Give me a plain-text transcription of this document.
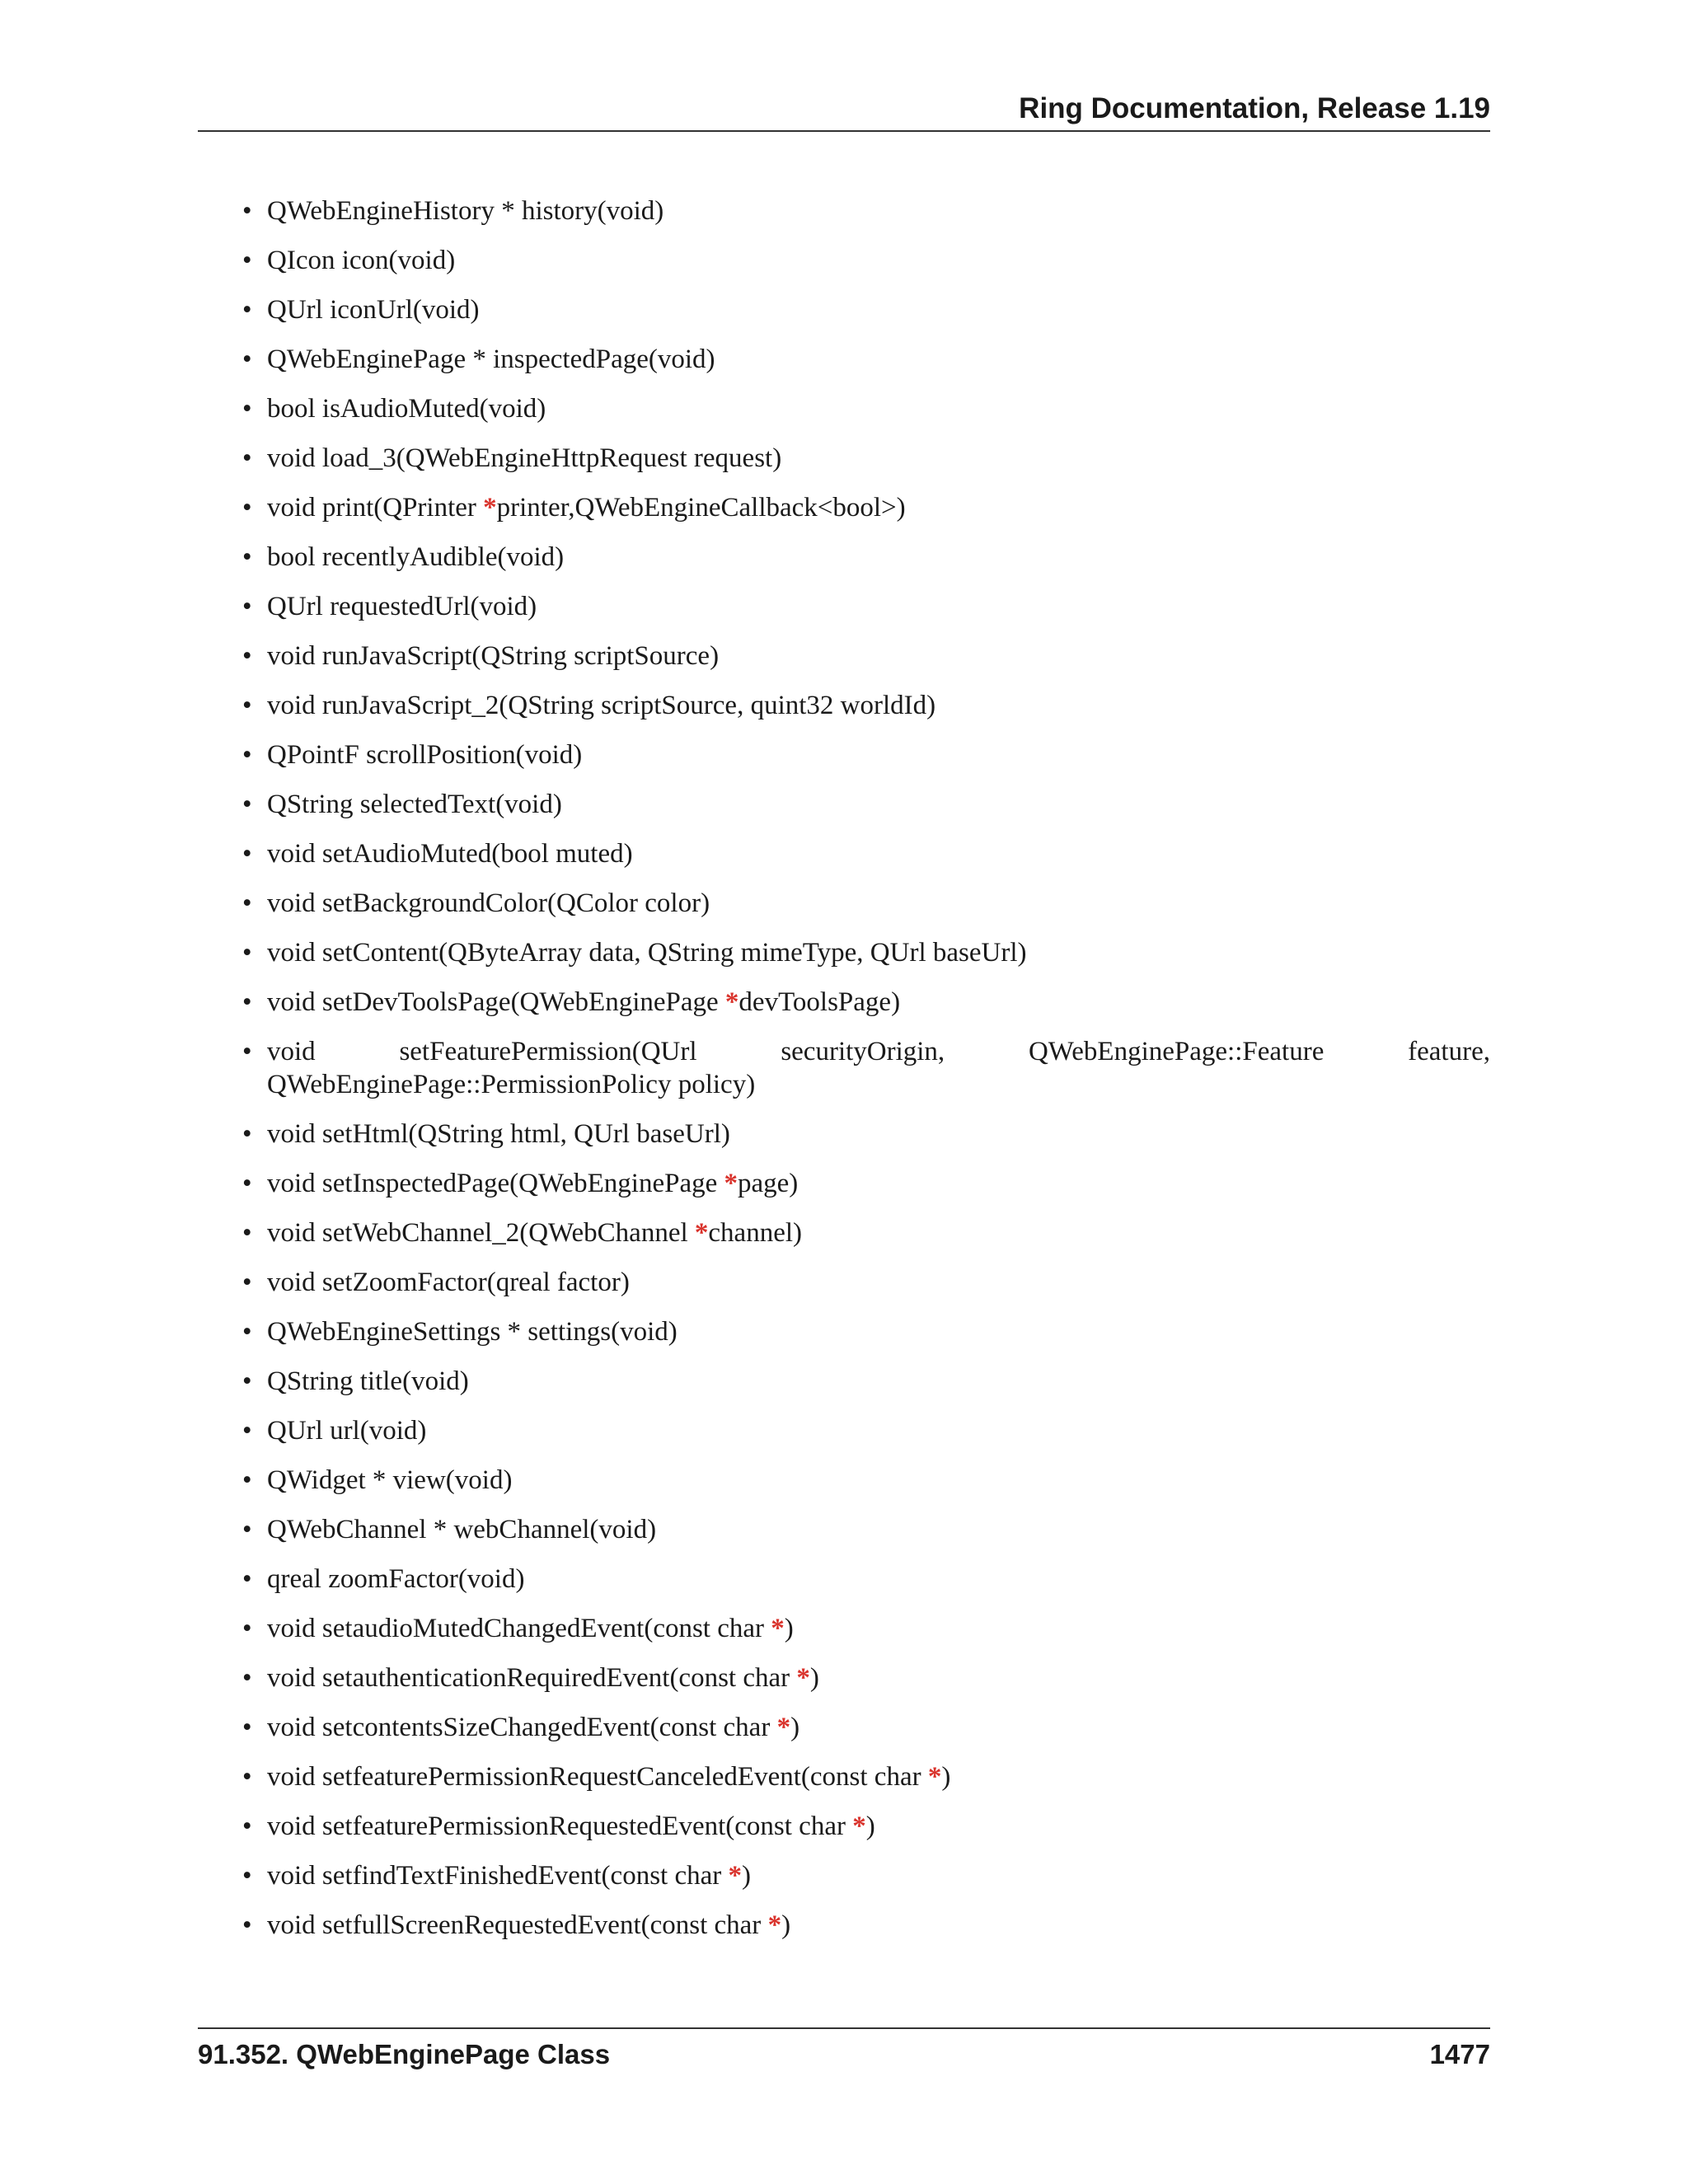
Ring Documentation, Release 1.19
• QWebEngineHistory * history(void)
• QIcon icon(void)
• QUrl iconUrl(void)
• QWebEnginePage * inspectedPage(void)
• bool isAudioMuted(void)
• void load_3(QWebEngineHttpRequest request)
• void print(QPrinter *printer,QWebEngineCallback<bool>)
• bool recentlyAudible(void)
• QUrl requestedUrl(void)
• void runJavaScript(QString scriptSource)
• void runJavaScript_2(QString scriptSource, quint32 worldId)
• QPointF scrollPosition(void)
• QString selectedText(void)
• void setAudioMuted(bool muted)
• void setBackgroundColor(QColor color)
• void setContent(QByteArray data, QString mimeType, QUrl baseUrl)
• void setDevToolsPage(QWebEnginePage *devToolsPage)
• void	setFeaturePermission(QUrl	securityOrigin,	QWebEnginePage::Feature	feature,
QWebEnginePage::PermissionPolicy policy)
• void setHtml(QString html, QUrl baseUrl)
• void setInspectedPage(QWebEnginePage *page)
• void setWebChannel_2(QWebChannel *channel)
• void setZoomFactor(qreal factor)
• QWebEngineSettings * settings(void)
• QString title(void)
• QUrl url(void)
• QWidget * view(void)
• QWebChannel * webChannel(void)
• qreal zoomFactor(void)
• void setaudioMutedChangedEvent(const char *)
• void setauthenticationRequiredEvent(const char *)
• void setcontentsSizeChangedEvent(const char *)
• void setfeaturePermissionRequestCanceledEvent(const char *)
• void setfeaturePermissionRequestedEvent(const char *)
• void setfindTextFinishedEvent(const char *)
• void setfullScreenRequestedEvent(const char *)
91.352. QWebEnginePage Class	1477
